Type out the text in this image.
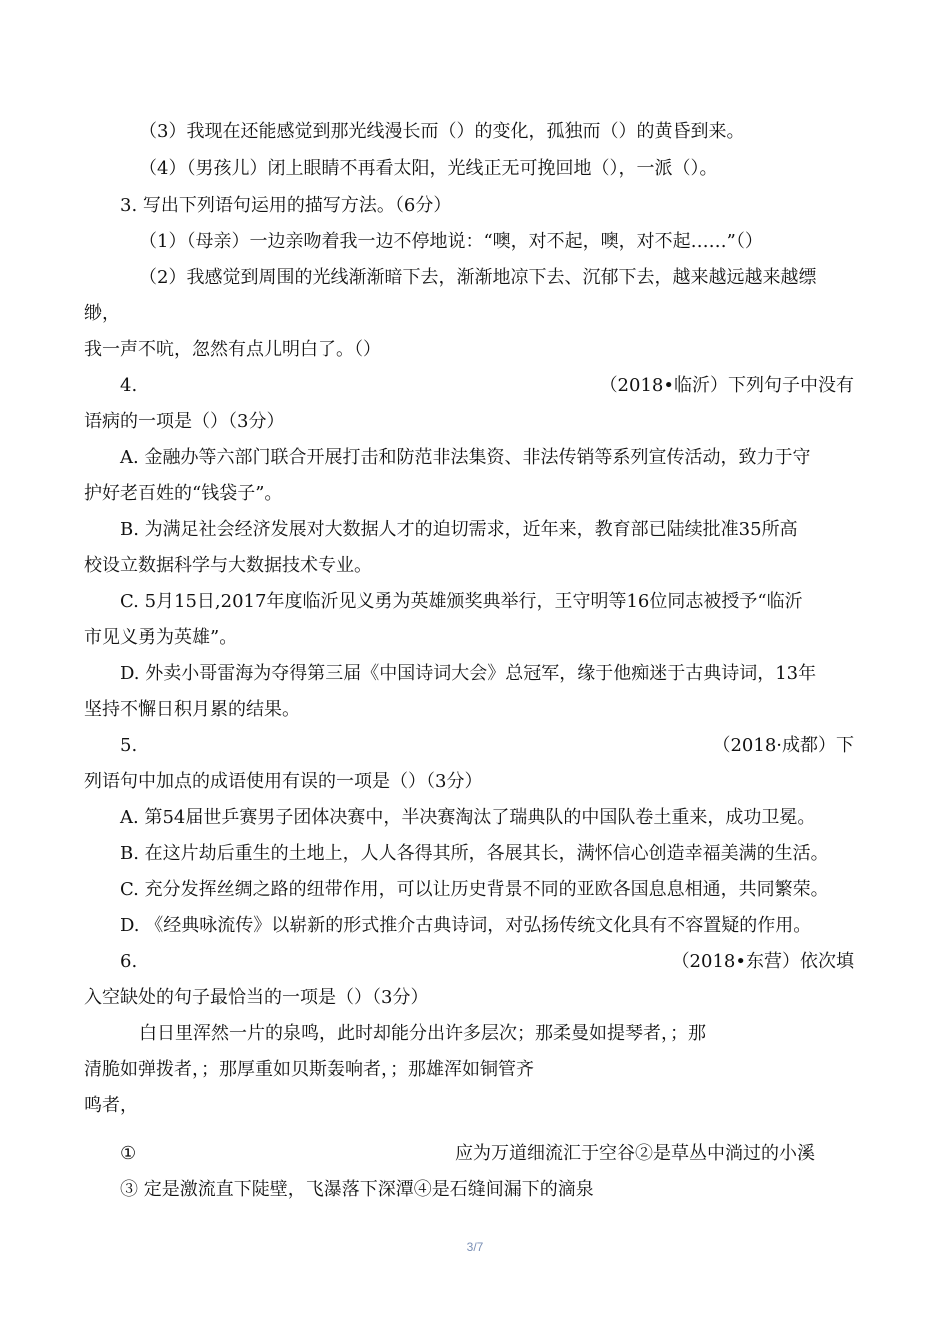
（3）我现在还能感觉到那光线漫长而（）的变化，孤独而（）的黄昏到来。
（4）（男孩儿）闭上眼睛不再看太阳，光线正无可挽回地（），一派（）。
3. 写出下列语句运用的描写方法。（6分）
（1）（母亲）一边亲吻着我一边不停地说：“噢，对不起，噢，对不起……”（）
（2）我感觉到周围的光线渐渐暗下去，渐渐地凉下去、沉郁下去，越来越远越来越缥
缈，
我一声不吭，忽然有点儿明白了。（）
4.	（2018•临沂）下列句子中没有
语病的一项是（）（3分）
A. 金融办等六部门联合开展打击和防范非法集资、非法传销等系列宣传活动，致力于守
护好老百姓的“钱袋子”。
B. 为满足社会经济发展对大数据人才的迫切需求，近年来，教育部已陆续批准35所高
校设立数据科学与大数据技术专业。
C. 5月15日,2017年度临沂见义勇为英雄颁奖典举行，王守明等16位同志被授予“临沂
市见义勇为英雄”。
D. 外卖小哥雷海为夺得第三届《中国诗词大会》总冠军，缘于他痴迷于古典诗词，13年
坚持不懈日积月累的结果。
5.	（2018·成都）下
列语句中加点的成语使用有误的一项是（）（3分）
A. 第54届世乒赛男子团体决赛中，半决赛淘汰了瑞典队的中国队卷土重来，成功卫冕。
B. 在这片劫后重生的土地上，人人各得其所，各展其长，满怀信心创造幸福美满的生活。
C. 充分发挥丝绸之路的纽带作用，可以让历史背景不同的亚欧各国息息相通，共同繁荣。
D. 《经典咏流传》以崭新的形式推介古典诗词，对弘扬传统文化具有不容置疑的作用。
6.	（2018•东营）依次填
入空缺处的句子最恰当的一项是（）（3分）
白日里浑然一片的泉鸣，此时却能分出许多层次；那柔曼如提琴者，；那
清脆如弹拨者，；那厚重如贝斯轰响者，；那雄浑如铜管齐
鸣者，
①	应为万道细流汇于空谷②是草丛中淌过的小溪
③ 定是激流直下陡壁，飞瀑落下深潭④是石缝间漏下的滴泉
3/7
